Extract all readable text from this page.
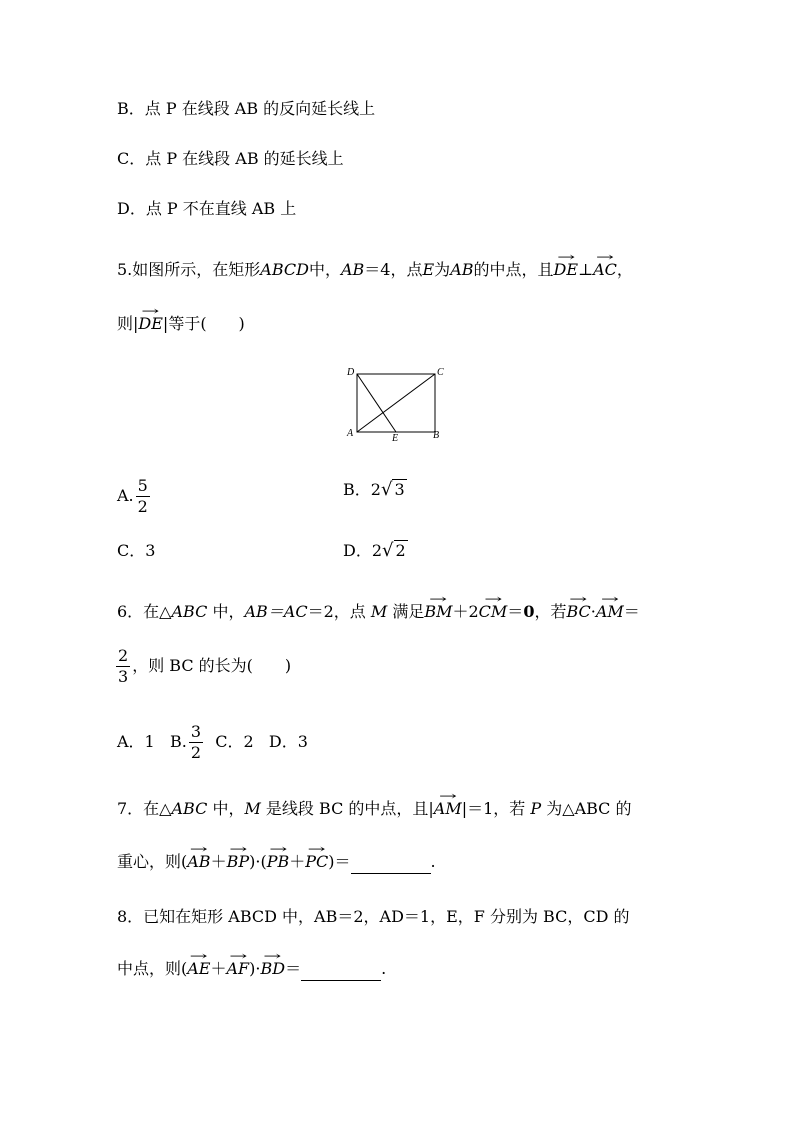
B．点 P 在线段 AB 的反向延长线上
C．点 P 在线段 AB 的延长线上
D．点 P 不在直线 AB 上
5.如图所示，在矩形ABCD中，AB＝4，点E为AB的中点，且→ DE⊥→ AC，
则|→ DE|等于(　　)
D	C
A	E	B
A. $\frac{5}{2}$	B．2√ 3
C．3	D．2√ 2
6．在△ABC 中，AB＝AC＝2，点 M 满足→ BM＋2→ CM＝0，若→ BC·→ AM＝
$\frac{2}{3}$ ，则 BC 的长为(　　)
A．1 B. $\frac{3}{2}$ C．2 D．3
7．在△ABC 中，M 是线段 BC 的中点，且|→ AM|＝1，若 P 为△ABC 的
重心，则(→ AB＋→ BP)·(→ PB＋→ PC)＝	.
8．已知在矩形 ABCD 中，AB＝2，AD＝1，E，F 分别为 BC，CD 的
中点，则(→ AE＋→ AF)·→ BD＝	.
